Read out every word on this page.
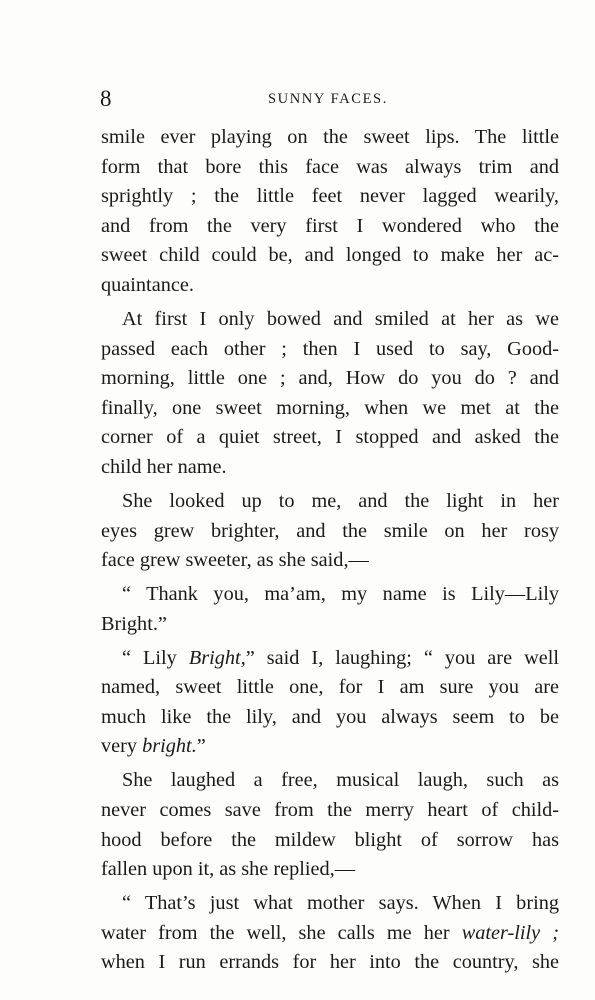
8	SUNNY FACES.
smile ever playing on the sweet lips. The little
form that bore this face was always trim and
sprightly ; the little feet never lagged wearily,
and from the very first I wondered who the
sweet child could be, and longed to make her ac-
quaintance.
At first I only bowed and smiled at her as we
passed each other ; then I used to say, Good-
morning, little one ; and, How do you do ? and
finally, one sweet morning, when we met at the
corner of a quiet street, I stopped and asked the
child her name.
She looked up to me, and the light in her
eyes grew brighter, and the smile on her rosy
face grew sweeter, as she said,—
“ Thank you, ma’am, my name is Lily—Lily
Bright.”
“ Lily Bright,” said I, laughing; “ you are well
named, sweet little one, for I am sure you are
much like the lily, and you always seem to be
very bright.”
She laughed a free, musical laugh, such as
never comes save from the merry heart of child-
hood before the mildew blight of sorrow has
fallen upon it, as she replied,—
“ That’s just what mother says. When I bring
water from the well, she calls me her water-lily ;
when I run errands for her into the country, she
